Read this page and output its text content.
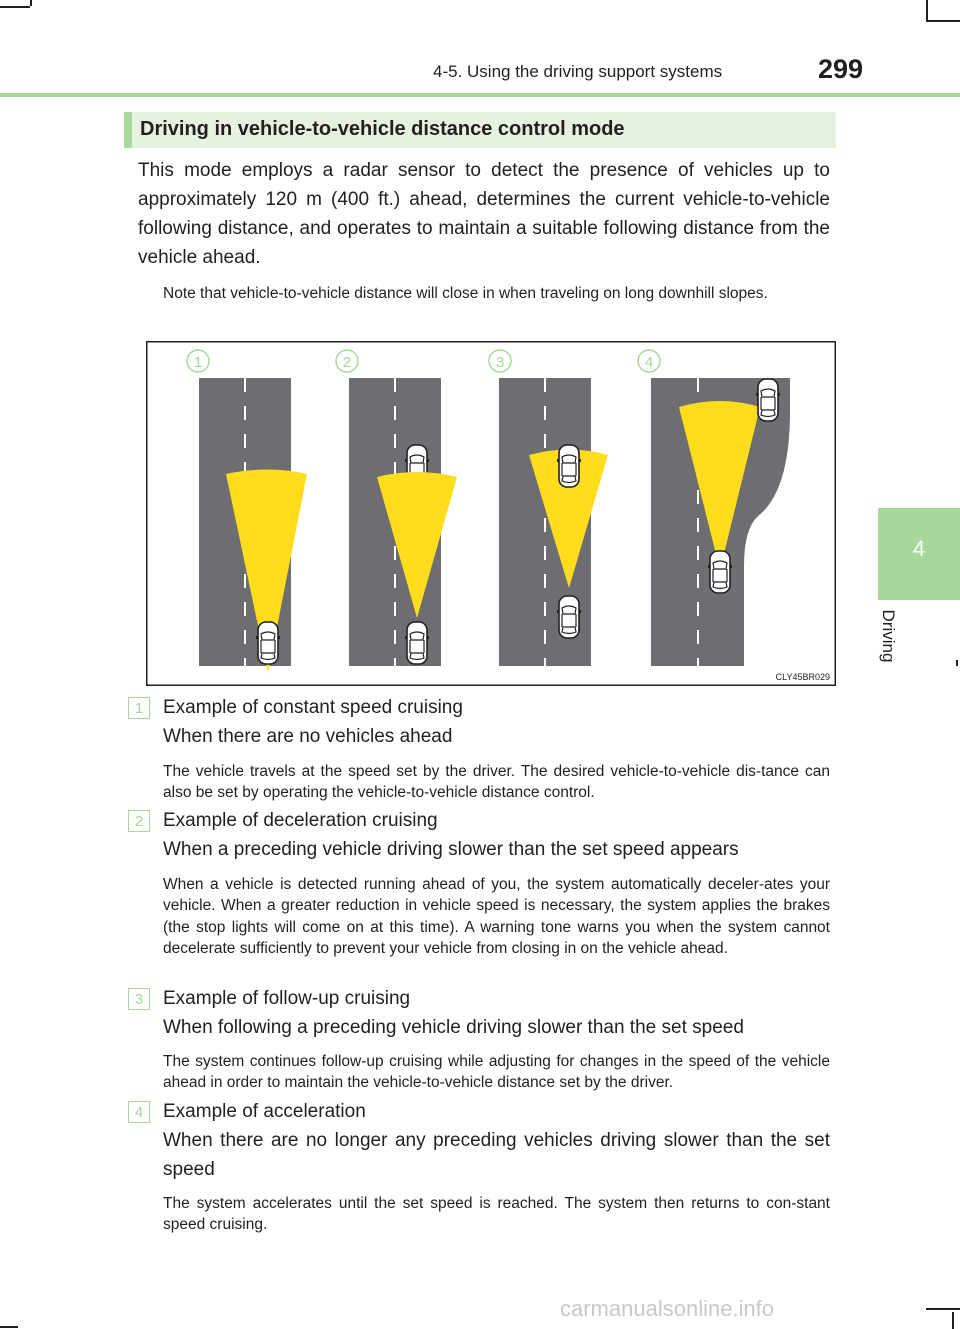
4-5. Using the driving support systems	299
4
Driving
Driving in vehicle-to-vehicle distance control mode

This mode employs a radar sensor to detect the presence of vehicles up to approximately 120 m (400 ft.) ahead, determines the current vehicle-to-vehicle following distance, and operates to maintain a suitable following distance from the vehicle ahead.

Note that vehicle-to-vehicle distance will close in when traveling on long downhill slopes.

1	2	3	4
CLY45BR029
1	Example of constant speed cruising

When there are no vehicles ahead

The vehicle travels at the speed set by the driver. The desired vehicle-to-vehicle dis-tance can also be set by operating the vehicle-to-vehicle distance control.

2	Example of deceleration cruising

When a preceding vehicle driving slower than the set speed appears

When a vehicle is detected running ahead of you, the system automatically deceler-ates your vehicle. When a greater reduction in vehicle speed is necessary, the system applies the brakes (the stop lights will come on at this time). A warning tone warns you when the system cannot decelerate sufficiently to prevent your vehicle from closing in on the vehicle ahead.

3	Example of follow-up cruising

When following a preceding vehicle driving slower than the set speed

The system continues follow-up cruising while adjusting for changes in the speed of the vehicle ahead in order to maintain the vehicle-to-vehicle distance set by the driver.

4	Example of acceleration

When there are no longer any preceding vehicles driving slower than the set speed

The system accelerates until the set speed is reached. The system then returns to con-stant speed cruising.

carmanualsonline.info
